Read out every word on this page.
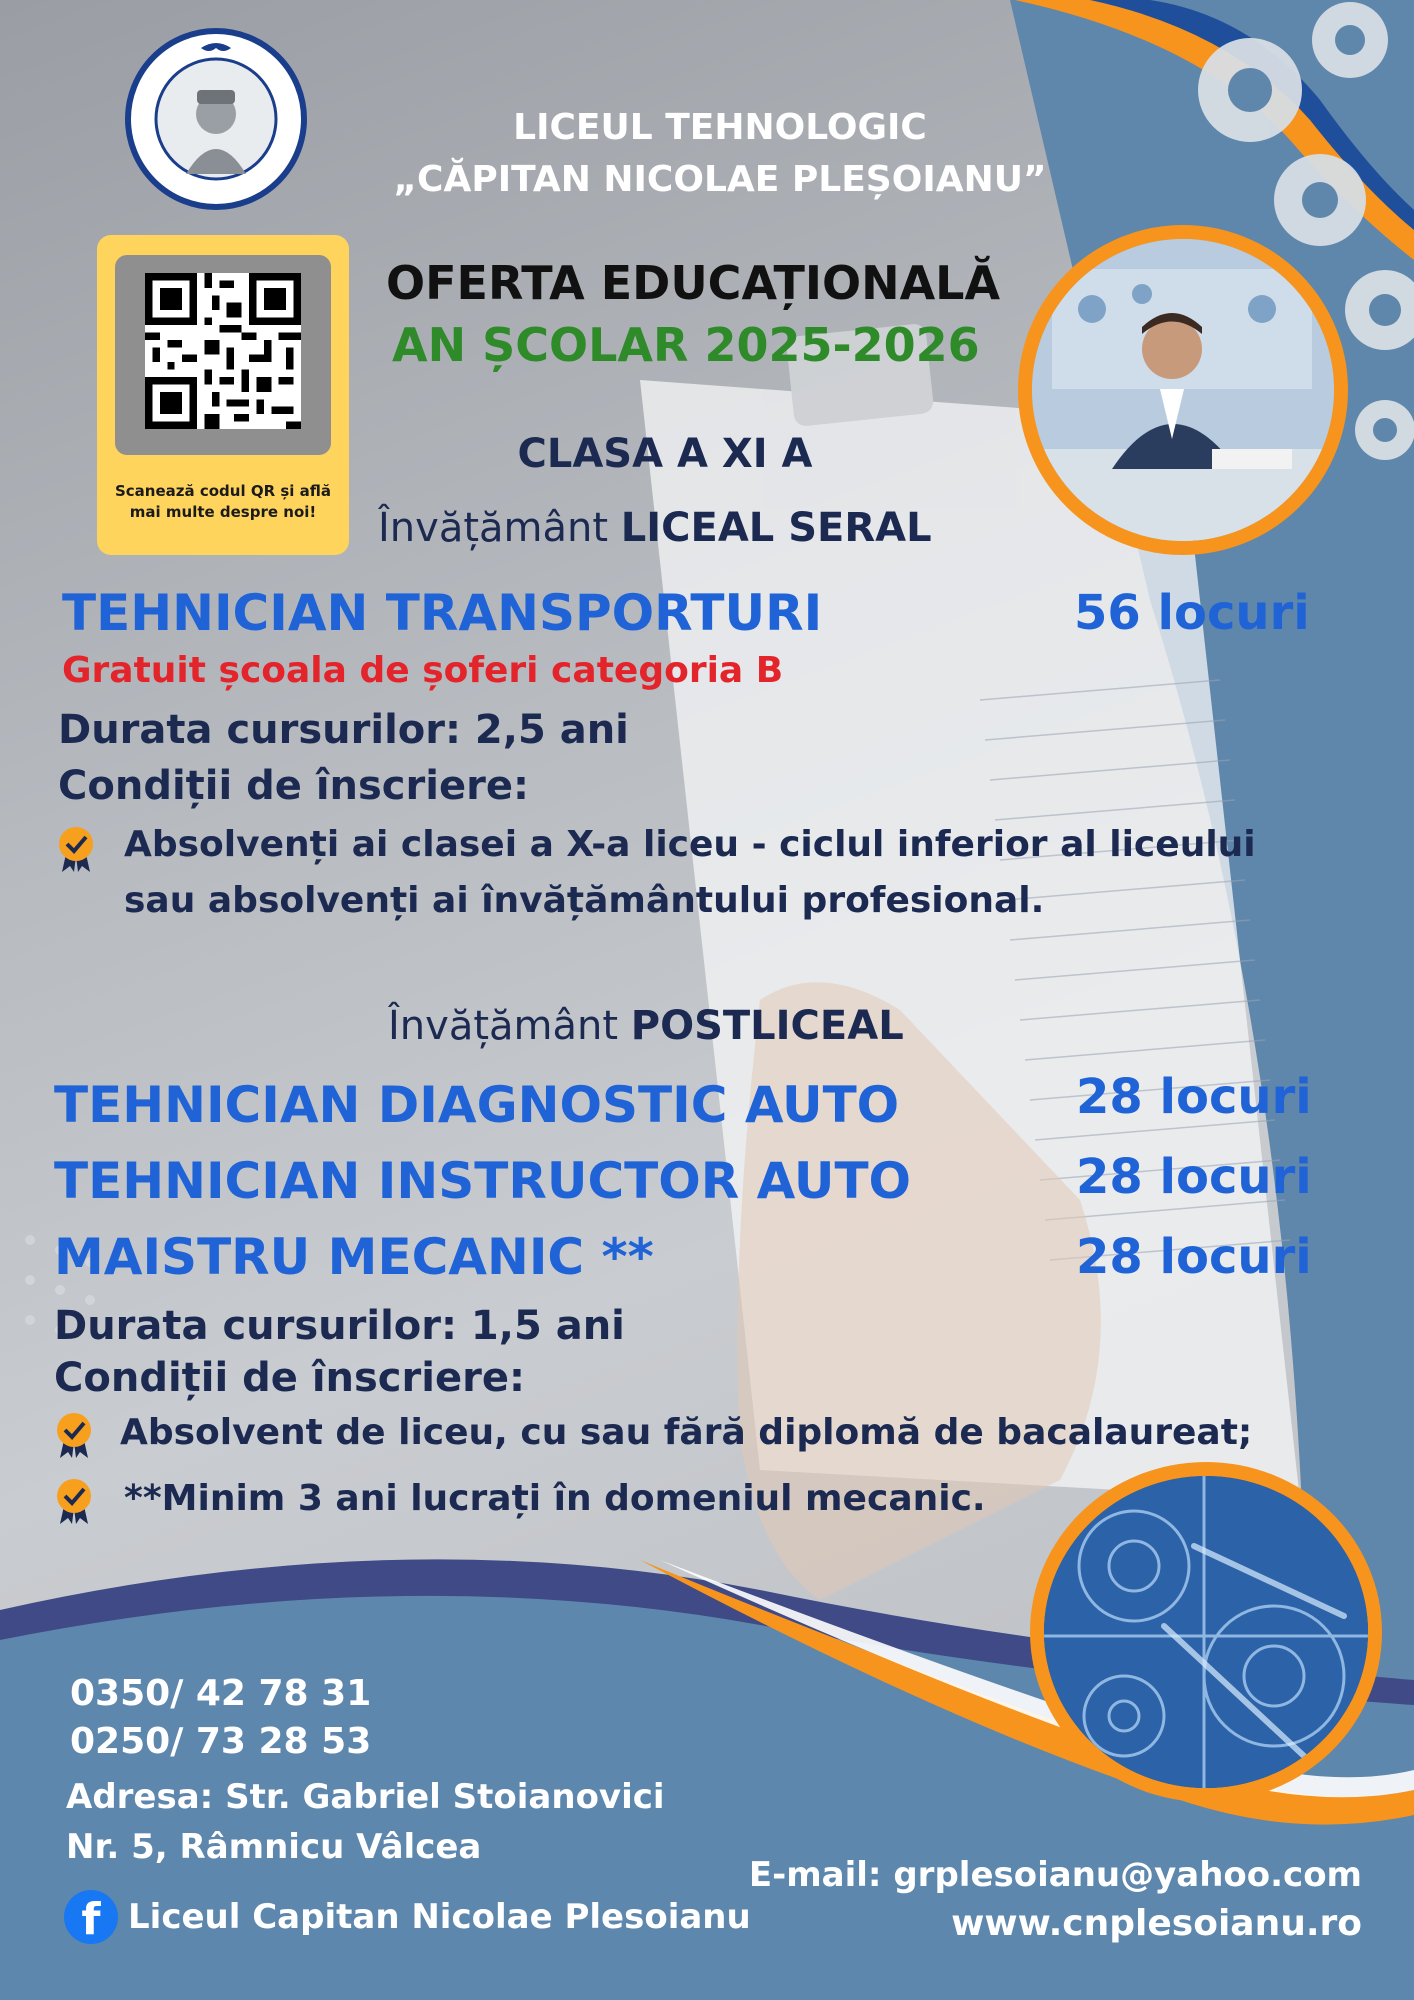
LICEUL TEHNOLOGIC
„CĂPITAN NICOLAE PLEȘOIANU”
Scanează codul QR și află
mai multe despre noi!
OFERTA EDUCAȚIONALĂ
AN ȘCOLAR 2025-2026
CLASA A XI A
Învățământ LICEAL SERAL
TEHNICIAN TRANSPORTURI	56 locuri
Gratuit școala de șoferi categoria B
Durata cursurilor: 2,5 ani
Condiții de înscriere:
Absolvenți ai clasei a X-a liceu - ciclul inferior al liceului
sau absolvenți ai învățământului profesional.
Învățământ POSTLICEAL
TEHNICIAN DIAGNOSTIC AUTO	28 locuri
TEHNICIAN INSTRUCTOR AUTO	28 locuri
MAISTRU MECANIC **	28 locuri
Durata cursurilor: 1,5 ani
Condiții de înscriere:
Absolvent de liceu, cu sau fără diplomă de bacalaureat;
**Minim 3 ani lucrați în domeniul mecanic.
0350/ 42 78 31
0250/ 73 28 53
Adresa: Str. Gabriel Stoianovici
Nr. 5, Râmnicu Vâlcea
f Liceul Capitan Nicolae Plesoianu
E-mail: grplesoianu@yahoo.com
www.cnplesoianu.ro
